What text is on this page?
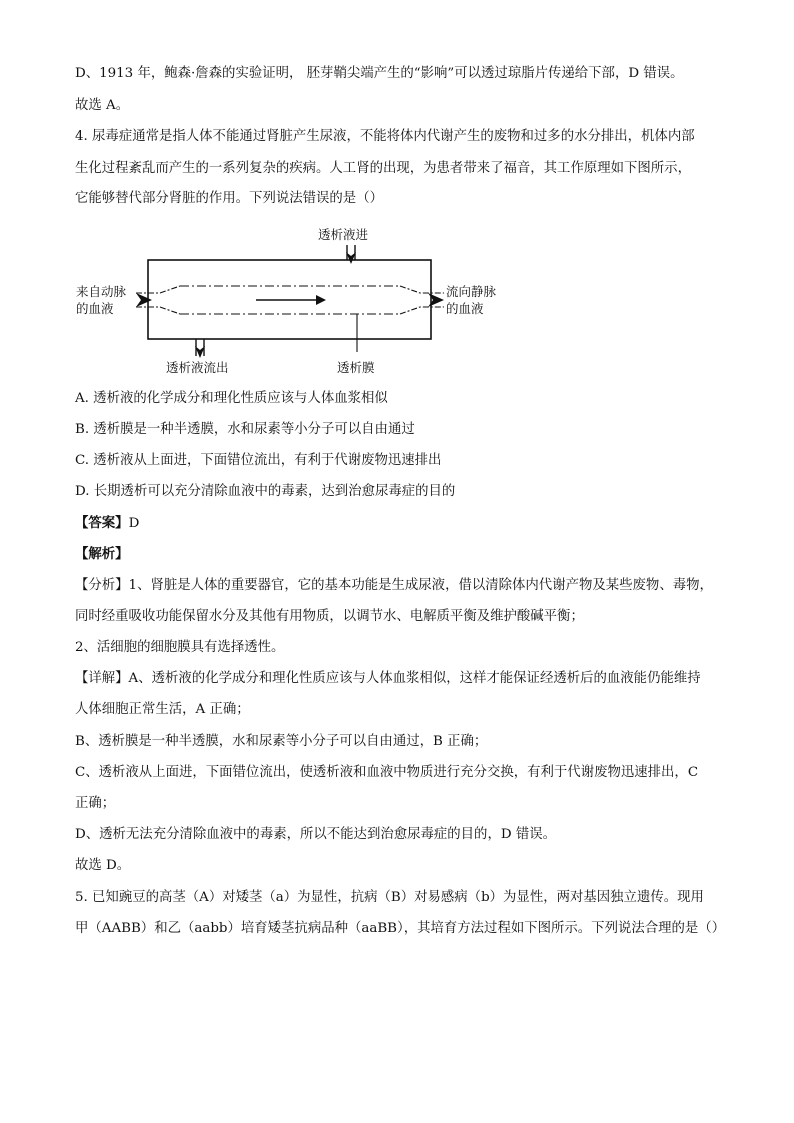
D、1913 年，鲍森·詹森的实验证明， 胚芽鞘尖端产生的“影响”可以透过琼脂片传递给下部，D 错误。
故选 A。
4. 尿毒症通常是指人体不能通过肾脏产生尿液，不能将体内代谢产生的废物和过多的水分排出，机体内部
生化过程紊乱而产生的一系列复杂的疾病。人工肾的出现，为患者带来了福音，其工作原理如下图所示，
它能够替代部分肾脏的作用。下列说法错误的是（）
透析液进
来自动脉
的血液
流向静脉
的血液
透析液流出	透析膜
A. 透析液的化学成分和理化性质应该与人体血浆相似
B. 透析膜是一种半透膜，水和尿素等小分子可以自由通过
C. 透析液从上面进，下面错位流出，有利于代谢废物迅速排出
D. 长期透析可以充分清除血液中的毒素，达到治愈尿毒症的目的
【答案】D
【解析】
【分析】1、肾脏是人体的重要器官，它的基本功能是生成尿液，借以清除体内代谢产物及某些废物、毒物，
同时经重吸收功能保留水分及其他有用物质，以调节水、电解质平衡及维护酸碱平衡；
2、活细胞的细胞膜具有选择透性。
【详解】A、透析液的化学成分和理化性质应该与人体血浆相似，这样才能保证经透析后的血液能仍能维持
人体细胞正常生活，A 正确；
B、透析膜是一种半透膜，水和尿素等小分子可以自由通过，B 正确；
C、透析液从上面进，下面错位流出，使透析液和血液中物质进行充分交换，有利于代谢废物迅速排出，C
正确；
D、透析无法充分清除血液中的毒素，所以不能达到治愈尿毒症的目的，D 错误。
故选 D。
5. 已知豌豆的高茎（A）对矮茎（a）为显性，抗病（B）对易感病（b）为显性，两对基因独立遗传。现用
甲（AABB）和乙（aabb）培育矮茎抗病品种（aaBB），其培育方法过程如下图所示。下列说法合理的是（）
